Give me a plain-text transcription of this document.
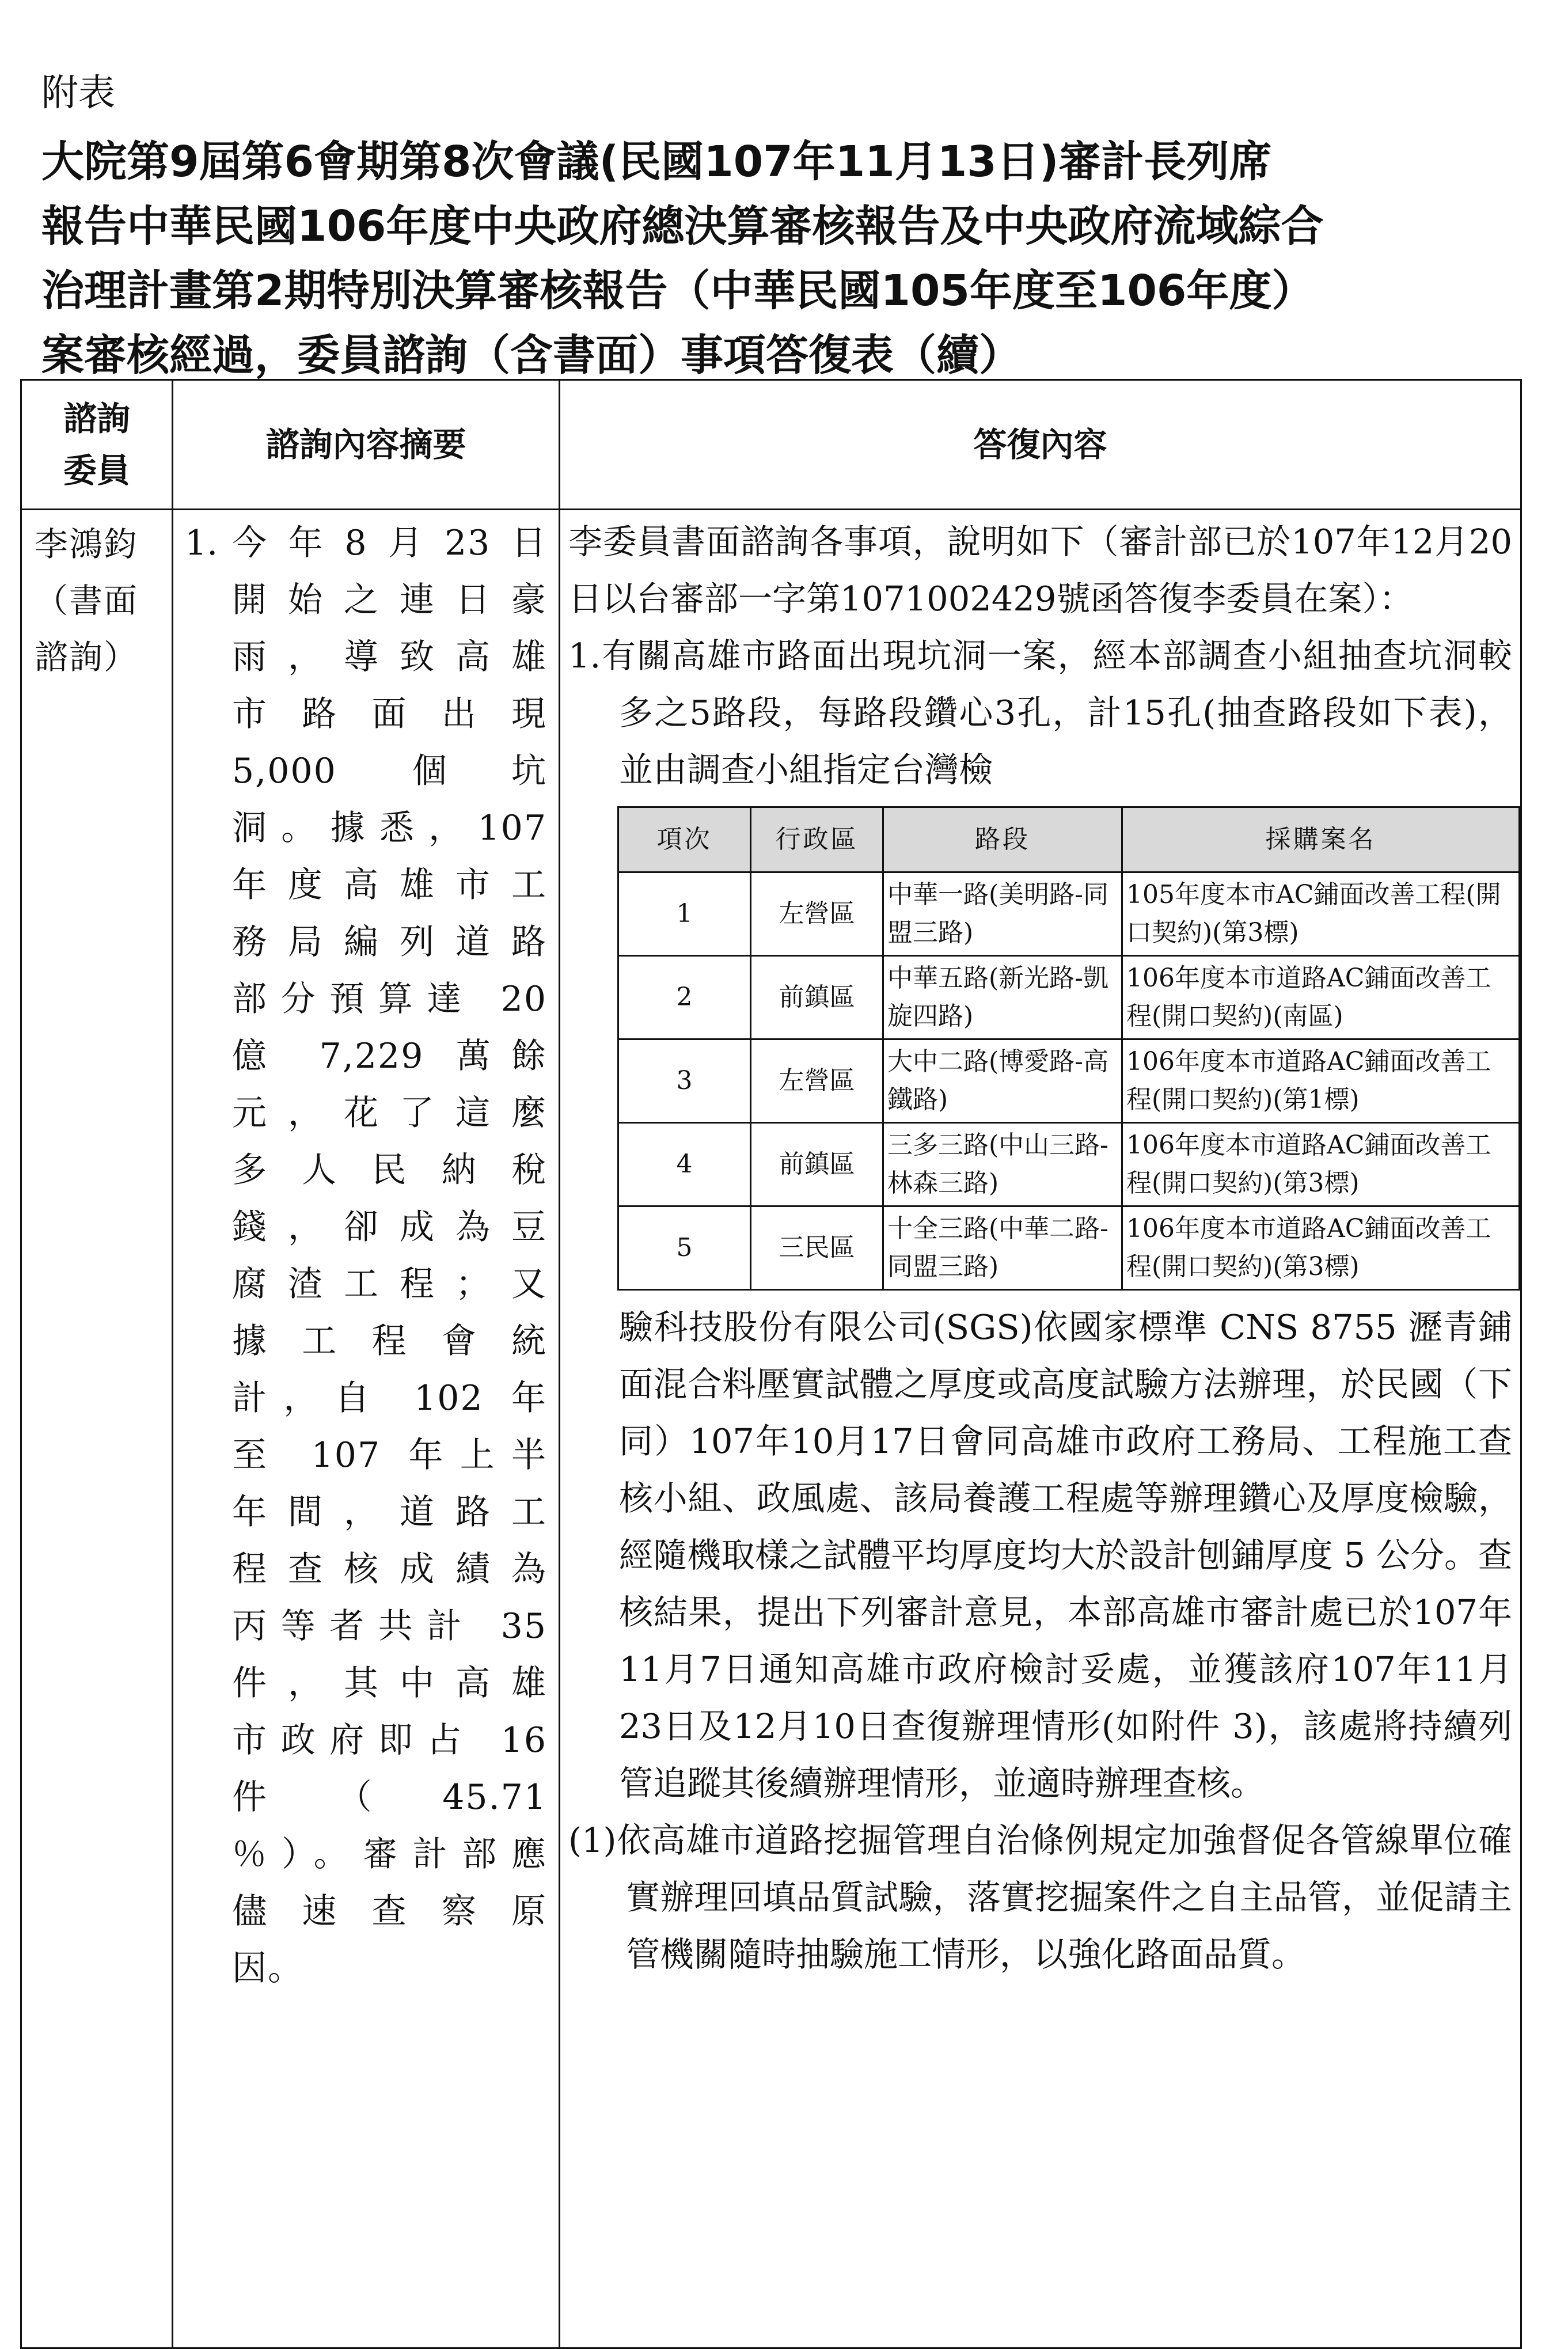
附表
大院第9屆第6會期第8次會議(民國107年11月13日)審計長列席
報告中華民國106年度中央政府總決算審核報告及中央政府流域綜合
治理計畫第2期特別決算審核報告（中華民國105年度至106年度）
案審核經過，委員諮詢（含書面）事項答復表（續）
諮詢
委員
	諮詢內容摘要	答復內容

李鴻鈞
（書面
諮詢）

1. 今年8月23日
開始之連日豪
雨，導致高雄
市路面出現
5,000 個坑
洞。據悉，107
年度高雄市工
務局編列道路
部分預算達 20
億 7,229 萬餘
元，花了這麼
多人民納稅
錢，卻成為豆
腐渣工程；又
據工程會統
計，自 102 年
至 107 年上半
年間，道路工
程查核成績為
丙等者共計 35
件，其中高雄
市政府即占 16
件 （ 45.71
％）。審計部應
儘速查察原
因。

李委員書面諮詢各事項，說明如下（審計部已於107年12月20日以台審部一字第1071002429號函答復李委員在案）：

1.有關高雄市路面出現坑洞一案，經本部調查小組抽查坑洞較多之5路段，每路段鑽心3孔，計15孔(抽查路段如下表)，並由調查小組指定台灣檢

項次	行政區	路段	採購案名
1	左營區	中華一路(美明路-同盟三路)	105年度本市AC鋪面改善工程(開口契約)(第3標)
2	前鎮區	中華五路(新光路-凱旋四路)	106年度本市道路AC鋪面改善工程(開口契約)(南區)
3	左營區	大中二路(博愛路-高鐵路)	106年度本市道路AC鋪面改善工程(開口契約)(第1標)
4	前鎮區	三多三路(中山三路-林森三路)	106年度本市道路AC鋪面改善工程(開口契約)(第3標)
5	三民區	十全三路(中華二路-同盟三路)	106年度本市道路AC鋪面改善工程(開口契約)(第3標)

驗科技股份有限公司(SGS)依國家標準 CNS 8755 瀝青鋪面混合料壓實試體之厚度或高度試驗方法辦理，於民國（下同）107年10月17日會同高雄市政府工務局、工程施工查核小組、政風處、該局養護工程處等辦理鑽心及厚度檢驗，經隨機取樣之試體平均厚度均大於設計刨鋪厚度 5 公分。查核結果，提出下列審計意見，本部高雄市審計處已於107年11月7日通知高雄市政府檢討妥處，並獲該府107年11月23日及12月10日查復辦理情形(如附件 3)，該處將持續列管追蹤其後續辦理情形，並適時辦理查核。

(1)依高雄市道路挖掘管理自治條例規定加強督促各管線單位確實辦理回填品質試驗，落實挖掘案件之自主品管，並促請主管機關隨時抽驗施工情形，以強化路面品質。
